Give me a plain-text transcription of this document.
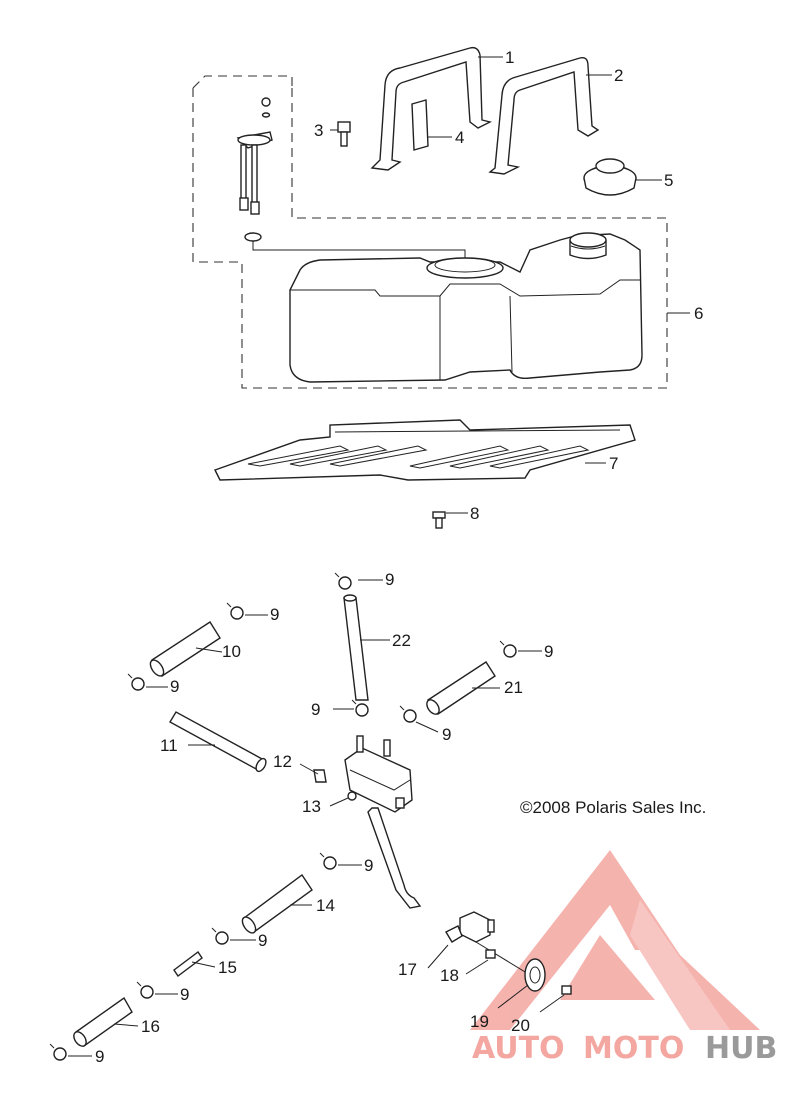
AUTO MOTO HUB
1
2
3	4
5
6
7
8
9
9
9
9
9
9
9
9
9
9
10
11
12
13
14
15
16
17 18
19 20
21
22
©2008 Polaris Sales Inc.
